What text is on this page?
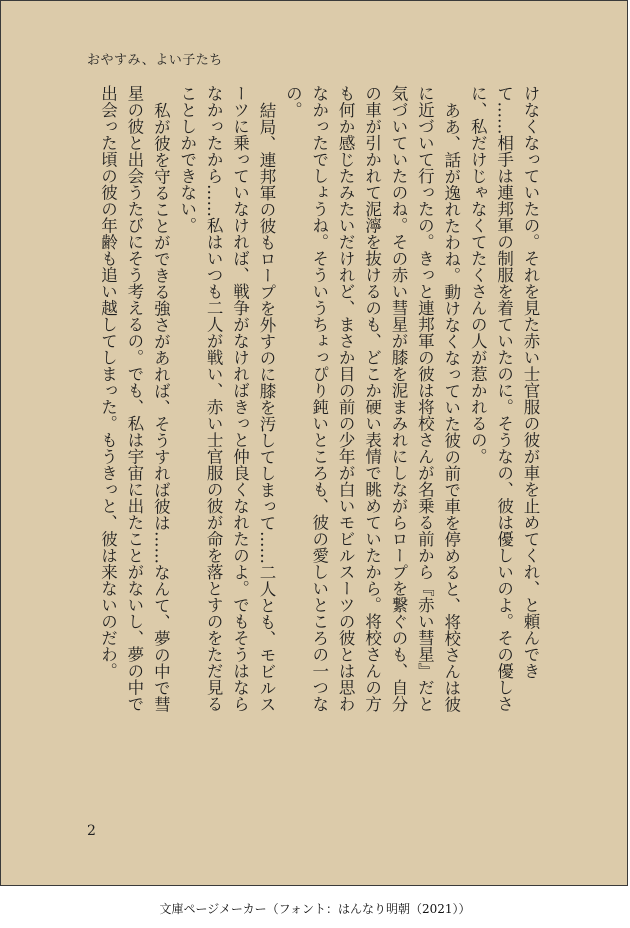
おやすみ、よい子たち

けなくなっていたの。それを見た赤い士官服の彼が車を止めてくれ、と頼んできて……相手は連邦軍の制服を着ていたのに。そうなの、彼は優しいのよ。その優しさに、私だけじゃなくてたくさんの人が惹かれるの。

ああ、話が逸れたわね。動けなくなっていた彼の前で車を停めると、将校さんは彼に近づいて行ったの。きっと連邦軍の彼は将校さんが名乗る前から『赤い彗星』だと気づいていたのね。その赤い彗星が膝を泥まみれにしながらロープを繋ぐのも、自分の車が引かれて泥濘を抜けるのも、どこか硬い表情で眺めていたから。将校さんの方も何か感じたみたいだけれど、まさか目の前の少年が白いモビルスーツの彼とは思わなかったでしょうね。そういうちょっぴり鈍いところも、彼の愛しいところの一つなの。

結局、連邦軍の彼もロープを外すのに膝を汚してしまって……二人とも、モビルスーツに乗っていなければ、戦争がなければきっと仲良くなれたのよ。でもそうはならなかったから……私はいつも二人が戦い、赤い士官服の彼が命を落とすのをただ見ることしかできない。

私が彼を守ることができる強さがあれば、そうすれば彼は……なんて、夢の中で彗星の彼と出会うたびにそう考えるの。でも、私は宇宙に出たことがないし、夢の中で出会った頃の彼の年齢も追い越してしまった。もうきっと、彼は来ないのだわ。

2
文庫ページメーカー（フォント：はんなり明朝（2021））
